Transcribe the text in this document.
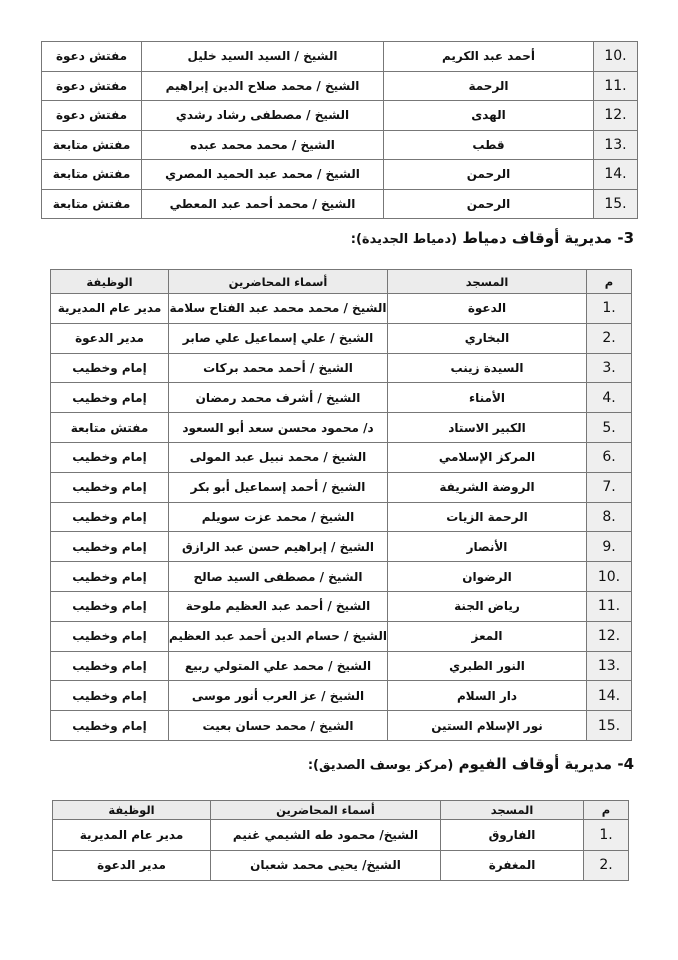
10.	أحمد عبد الكريم	الشيخ / السيد السيد خليل	مفتش دعوة
11.	الرحمة	الشيخ / محمد صلاح الدين إبراهيم	مفتش دعوة
12.	الهدى	الشيخ / مصطفى رشاد رشدي	مفتش دعوة
13.	قطب	الشيخ / محمد محمد عبده	مفتش متابعة
14.	الرحمن	الشيخ / محمد عبد الحميد المصري	مفتش متابعة
15.	الرحمن	الشيخ / محمد أحمد عبد المعطي	مفتش متابعة
3- مديرية أوقاف دمياط (دمياط الجديدة):
م	المسجد	أسماء المحاضرين	الوظيفة
1.	الدعوة	الشيخ / محمد محمد عبد الفتاح سلامة	مدير عام المديرية
2.	البخاري	الشيخ / علي إسماعيل علي صابر	مدير الدعوة
3.	السيدة زينب	الشيخ / أحمد محمد بركات	إمام وخطيب
4.	الأمناء	الشيخ / أشرف محمد رمضان	إمام وخطيب
5.	الكبير الاستاد	د/ محمود محسن سعد أبو السعود	مفتش متابعة
6.	المركز الإسلامي	الشيخ / محمد نبيل عبد المولى	إمام وخطيب
7.	الروضة الشريفة	الشيخ / أحمد إسماعيل أبو بكر	إمام وخطيب
8.	الرحمة الزيات	الشيخ / محمد عزت سويلم	إمام وخطيب
9.	الأنصار	الشيخ / إبراهيم حسن عبد الرازق	إمام وخطيب
10.	الرضوان	الشيخ / مصطفى السيد صالح	إمام وخطيب
11.	رياض الجنة	الشيخ / أحمد عبد العظيم ملوحة	إمام وخطيب
12.	المعز	الشيخ / حسام الدين أحمد عبد العظيم	إمام وخطيب
13.	النور الطبري	الشيخ / محمد علي المتولي ربيع	إمام وخطيب
14.	دار السلام	الشيخ / عز العرب أنور موسى	إمام وخطيب
15.	نور الإسلام الستين	الشيخ / محمد حسان بعيت	إمام وخطيب
4- مديرية أوقاف الفيوم (مركز يوسف الصديق):
م	المسجد	أسماء المحاضرين	الوظيفة
1.	الفاروق	الشيخ/ محمود طه الشيمي غنيم	مدير عام المديرية
2.	المغفرة	الشيخ/ يحيى محمد شعبان	مدير الدعوة
